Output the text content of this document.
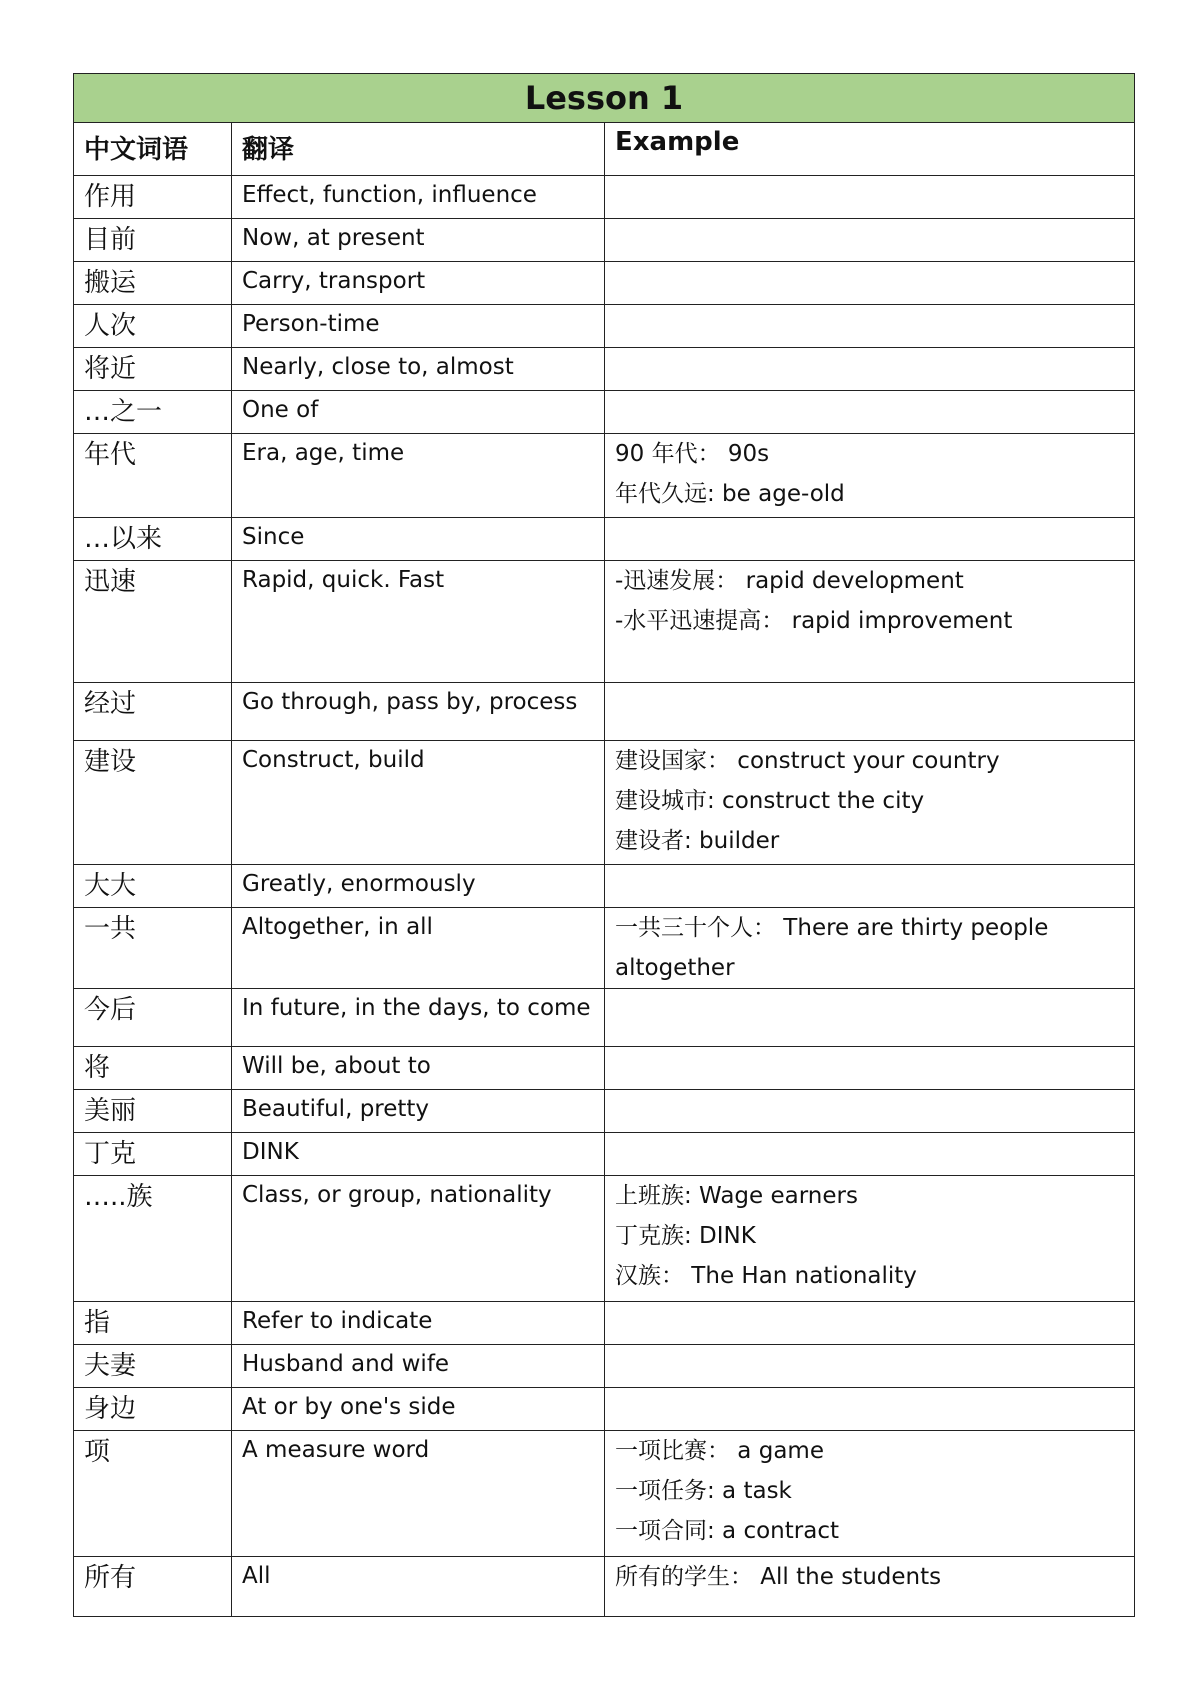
Lesson 1		
中文词语	翻译	Example
作用	Effect, function, influence	
目前	Now, at present	
搬运	Carry, transport	
人次	Person-time	
将近	Nearly, close to, almost	
…之一	One of	
年代	Era, age, time	90 年代： 90s
年代久远: be age-old

…以来	Since	
迅速	Rapid, quick. Fast	-迅速发展： rapid development
-水平迅速提高： rapid improvement

经过	Go through, pass by, process	
建设	Construct, build	建设国家： construct your country
建设城市: construct the city
建设者: builder

大大	Greatly, enormously	
一共	Altogether, in all	一共三十个人： There are thirty people altogether

今后	In future, in the days, to come	
将	Will be, about to	
美丽	Beautiful, pretty	
丁克	DINK	
…..族	Class, or group, nationality	上班族: Wage earners
丁克族: DINK
汉族： The Han nationality

指	Refer to indicate	
夫妻	Husband and wife	
身边	At or by one's side	
项	A measure word	一项比赛： a game
一项任务: a task
一项合同: a contract

所有	All	所有的学生： All the students
